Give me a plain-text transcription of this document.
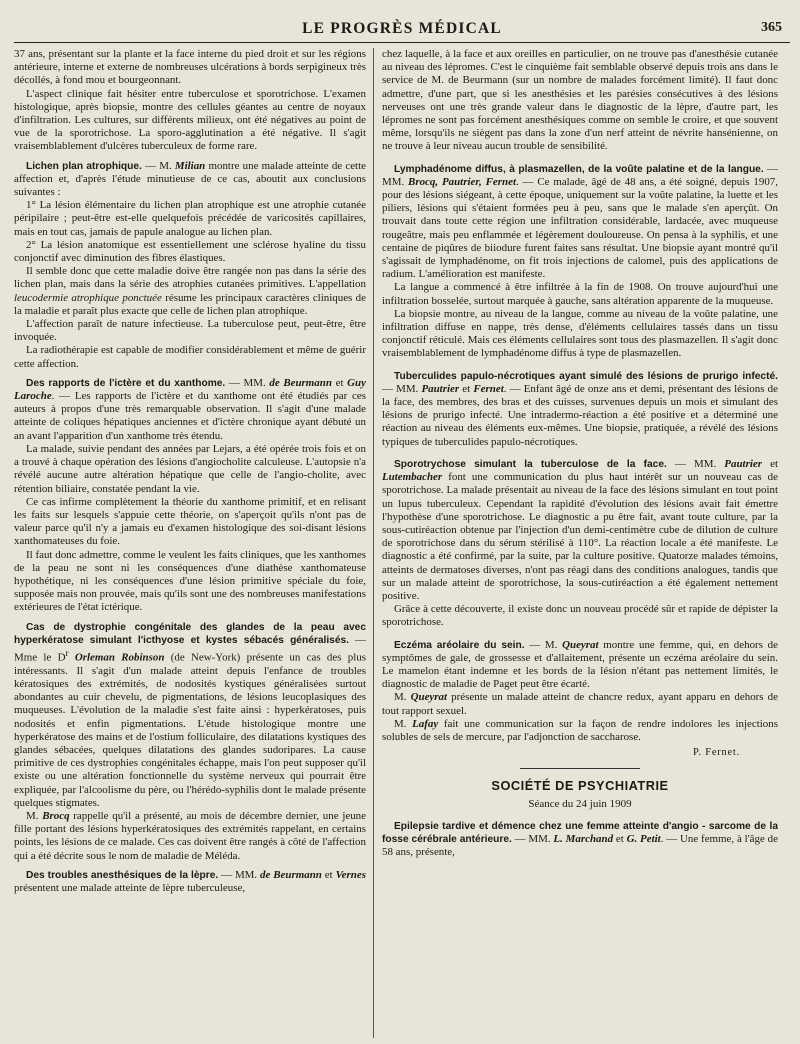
LE PROGRÈS MÉDICAL	365

37 ans, présentant sur la plante et la face interne du pied droit et sur les régions antérieure, interne et externe de nombreuses ulcérations à bords serpigineux très décollés, à fond mou et bourgeonnant.

L'aspect clinique fait hésiter entre tuberculose et sporotrichose. L'examen histologique, après biopsie, montre des cellules géantes au centre de noyaux d'infiltration. Les cultures, sur différents milieux, ont été négatives au point de vue de la sporotrichose. La sporo-agglutination a été négative. Il s'agit vraisemblablement d'ulcères tuberculeux de forme rare.

Lichen plan atrophique. — M. Milian montre une malade atteinte de cette affection et, d'après l'étude minutieuse de ce cas, aboutit aux conclusions suivantes :

1° La lésion élémentaire du lichen plan atrophique est une atrophie cutanée péripilaire ; peut-être est-elle quelquefois précédée de varicosités capillaires, mais en tout cas, jamais de papule analogue au lichen plan.

2° La lésion anatomique est essentiellement une sclérose hyaline du tissu conjonctif avec diminution des fibres élastiques.

Il semble donc que cette maladie doive être rangée non pas dans la série des lichen plan, mais dans la série des atrophies cutanées primitives. L'appellation leucodermie atrophique ponctuée résume les principaux caractères cliniques de la maladie et paraît plus exacte que celle de lichen plan atrophique.

L'affection paraît de nature infectieuse. La tuberculose peut, peut-être, être invoquée.

La radiothérapie est capable de modifier considérablement et même de guérir cette affection.

Des rapports de l'ictère et du xanthome. — MM. de Beurmann et Guy Laroche. — Les rapports de l'ictère et du xanthome ont été étudiés par ces auteurs à propos d'une très remarquable observation. Il s'agit d'une malade atteinte de coliques hépatiques anciennes et d'ictère chronique ayant débuté un an avant l'apparition d'un xanthome très étendu.

La malade, suivie pendant des années par Lejars, a été opérée trois fois et on a trouvé à chaque opération des lésions d'angiocholite calculeuse. L'autopsie n'a révélé aucune autre altération hépatique que celle de l'angio-cholite, avec rétention biliaire, constatée pendant la vie.

Ce cas infirme complètement la théorie du xanthome primitif, et en relisant les faits sur lesquels s'appuie cette théorie, on s'aperçoit qu'ils n'ont pas de valeur parce qu'il n'y a jamais eu d'examen histologique des soi-disant lésions xanthomateuses du foie.

Il faut donc admettre, comme le veulent les faits cliniques, que les xanthomes de la peau ne sont ni les conséquences d'une diathèse xanthomateuse hypothétique, ni les conséquences d'une lésion primitive spéciale du foie, supposée mais non prouvée, mais qu'ils sont une des nombreuses manifestations extérieures de l'état ictérique.

Cas de dystrophie congénitale des glandes de la peau avec hyperkératose simulant l'icthyose et kystes sébacés généralisés. — Mme le $D^r$ Orleman Robinson (de New-York) présente un cas des plus intéressants. Il s'agit d'un malade atteint depuis l'enfance de troubles kératosiques des extrémités, de nodosités kystiques généralisées surtout abondantes au cuir chevelu, de pigmentations, de lésions leucoplasiques des muqueuses. L'évolution de la maladie s'est faite ainsi : hyperkératoses, puis nodosités et enfin pigmentations. L'étude histologique montre une hyperkératose des mains et de l'ostium folliculaire, des dilatations kystiques des glandes sébacées, quelques dilatations des glandes sudoripares. La cause primitive de ces dystrophies congénitales échappe, mais l'on peut supposer qu'il existe ou une altération fonctionnelle du système nerveux qui pourrait être expliquée, par l'alcoolisme du père, ou l'hérédo-syphilis dont le malade présente quelques stigmates.

M. Brocq rappelle qu'il a présenté, au mois de décembre dernier, une jeune fille portant des lésions hyperkératosiques des extrémités rappelant, en certains points, les lésions de ce malade. Ces cas doivent être rangés à côté de l'affection qui a été décrite sous le nom de maladie de Méléda.

Des troubles anesthésiques de la lèpre. — MM. de Beurmann et Vernes présentent une malade atteinte de lèpre tuberculeuse,

chez laquelle, à la face et aux oreilles en particulier, on ne trouve pas d'anesthésie cutanée au niveau des lépromes. C'est le cinquième fait semblable observé depuis trois ans dans le service de M. de Beurmann (sur un nombre de malades forcément limité). Il faut donc admettre, d'une part, que si les anesthésies et les parésies consécutives à des lésions nerveuses ont une très grande valeur dans le diagnostic de la lèpre, d'autre part, les lépromes ne sont pas forcément anesthésiques comme on semble le croire, et que souvent même, lorsqu'ils ne siègent pas dans la zone d'un nerf atteint de névrite hansénienne, on ne trouve à leur niveau aucun trouble de sensibilité.

Lymphadénome diffus, à plasmazellen, de la voûte palatine et de la langue. — MM. Brocq, Pautrier, Fernet. — Ce malade, âgé de 48 ans, a été soigné, depuis 1907, pour des lésions siégeant, à cette époque, uniquement sur la voûte palatine, la luette et les piliers, lésions qui s'étaient formées peu à peu, sans que le malade s'en aperçût. On trouvait dans toute cette région une infiltration considérable, lardacée, avec muqueuse rougeâtre, mais peu enflammée et légèrement douloureuse. On pensa à la syphilis, et une centaine de piqûres de biiodure furent faites sans résultat. Une biopsie ayant montré qu'il s'agissait de lymphadénome, on fit trois injections de calomel, puis des applications de radium. L'amélioration est manifeste.

La langue a commencé à être infiltrée à la fin de 1908. On trouve aujourd'hui une infiltration bosselée, surtout marquée à gauche, sans altération apparente de la muqueuse.

La biopsie montre, au niveau de la langue, comme au niveau de la voûte palatine, une infiltration diffuse en nappe, très dense, d'éléments cellulaires tassés dans un tissu conjonctif réticulé. Mais ces éléments cellulaires sont tous des plasmazellen. Il s'agit donc vraisemblablement de lymphadénome diffus à type de plasmazellen.

Tuberculides papulo-nécrotiques ayant simulé des lésions de prurigo infecté. — MM. Pautrier et Fernet. — Enfant âgé de onze ans et demi, présentant des lésions de la face, des membres, des bras et des cuisses, survenues depuis un mois et simulant des lésions de prurigo infecté. Une intradermo-réaction a été positive et a déterminé une réaction au niveau des éléments eux-mêmes. Une biopsie, pratiquée, a révélé des lésions typiques de tuberculides papulo-nécrotiques.

Sporotrychose simulant la tuberculose de la face. — MM. Pautrier et Lutembacher font une communication du plus haut intérêt sur un nouveau cas de sporotrichose. La malade présentait au niveau de la face des lésions simulant en tout point un lupus tuberculeux. Cependant la rapidité d'évolution des lésions avait fait émettre l'hypothèse d'une sporotrichose. Le diagnostic a pu être fait, avant toute culture, par la sous-cutiréaction obtenue par l'injection d'un demi-centimètre cube de dilution de culture de sporotrichose dans du sérum stérilisé à 110°. La réaction locale a été manifeste. Le diagnostic a été confirmé, par la suite, par la culture positive. Quatorze malades témoins, atteints de dermatoses diverses, n'ont pas réagi dans des conditions analogues, tandis que sur un malade atteint de sporotrichose, la sous-cutiréaction a été également nettement positive.

Grâce à cette découverte, il existe donc un nouveau procédé sûr et rapide de dépister la sporotrichose.

Eczéma aréolaire du sein. — M. Queyrat montre une femme, qui, en dehors de symptômes de gale, de grossesse et d'allaitement, présente un eczéma aréolaire du sein. Le mamelon étant indemne et les bords de la lésion n'étant pas nettement limités, le diagnostic de maladie de Paget peut être écarté.

M. Queyrat présente un malade atteint de chancre redux, ayant apparu en dehors de tout rapport sexuel.

M. Lafay fait une communication sur la façon de rendre indolores les injections solubles de sels de mercure, par l'adjonction de saccharose.

P. Fernet.
SOCIÉTÉ DE PSYCHIATRIE
Séance du 24 juin 1909

Epilepsie tardive et démence chez une femme atteinte d'angio - sarcome de la fosse cérébrale antérieure. — MM. L. Marchand et G. Petit. — Une femme, à l'âge de 58 ans, présente,
